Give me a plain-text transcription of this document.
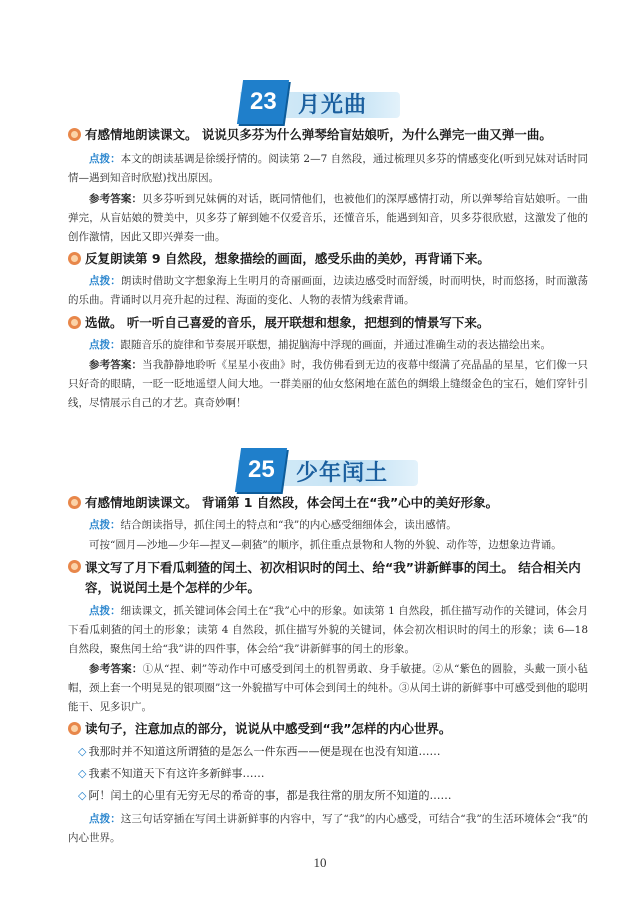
23 月光曲
有感情地朗读课文。 说说贝多芬为什么弹琴给盲姑娘听，为什么弹完一曲又弹一曲。
点拨：本文的朗读基调是徐缓抒情的。阅读第 2—7 自然段，通过梳理贝多芬的情感变化(听到兄妹对话时同情—遇到知音时欣慰)找出原因。
参考答案：贝多芬听到兄妹俩的对话，既同情他们，也被他们的深厚感情打动，所以弹琴给盲姑娘听。一曲弹完，从盲姑娘的赞美中，贝多芬了解到她不仅爱音乐，还懂音乐，能遇到知音，贝多芬很欣慰，这激发了他的创作激情，因此又即兴弹奏一曲。
反复朗读第 9 自然段，想象描绘的画面，感受乐曲的美妙，再背诵下来。
点拨：朗读时借助文字想象海上生明月的奇丽画面，边读边感受时而舒缓，时而明快，时而悠扬，时而激荡的乐曲。背诵时以月亮升起的过程、海面的变化、人物的表情为线索背诵。
选做。 听一听自己喜爱的音乐，展开联想和想象，把想到的情景写下来。
点拨：跟随音乐的旋律和节奏展开联想，捕捉脑海中浮现的画面，并通过准确生动的表达描绘出来。
参考答案：当我静静地聆听《星星小夜曲》时，我仿佛看到无边的夜幕中缀满了亮晶晶的星星，它们像一只只好奇的眼睛，一眨一眨地遥望人间大地。一群美丽的仙女悠闲地在蓝色的绸缎上缝缀金色的宝石，她们穿针引线，尽情展示自己的才艺。真奇妙啊！
25 少年闰土
有感情地朗读课文。 背诵第 1 自然段，体会闰土在“我”心中的美好形象。
点拨：结合朗读指导，抓住闰土的特点和“我”的内心感受细细体会，读出感情。
可按“圆月—沙地—少年—捏叉—刺猹”的顺序，抓住重点景物和人物的外貌、动作等，边想象边背诵。
课文写了月下看瓜刺猹的闰土、初次相识时的闰土、给“我”讲新鲜事的闰土。 结合相关内容，说说闰土是个怎样的少年。
点拨：细读课文，抓关键词体会闰土在“我”心中的形象。如读第 1 自然段，抓住描写动作的关键词，体会月下看瓜刺猹的闰土的形象；读第 4 自然段，抓住描写外貌的关键词，体会初次相识时的闰土的形象；读 6—18 自然段，聚焦闰土给“我”讲的四件事，体会给“我”讲新鲜事的闰土的形象。
参考答案：①从“捏、刺”等动作中可感受到闰土的机智勇敢、身手敏捷。②从“紫色的圆脸，头戴一顶小毡帽，颈上套一个明晃晃的银项圈”这一外貌描写中可体会到闰土的纯朴。③从闰土讲的新鲜事中可感受到他的聪明能干、见多识广。
读句子，注意加点的部分，说说从中感受到“我”怎样的内心世界。
◇ 我那时并不知道这所谓猹的是怎么一件东西——便是现在也没有知道……
◇ 我素不知道天下有这许多新鲜事……
◇ 阿！闰土的心里有无穷无尽的希奇的事，都是我往常的朋友所不知道的……
点拨：这三句话穿插在写闰土讲新鲜事的内容中，写了“我”的内心感受，可结合“我”的生活环境体会“我”的内心世界。
10
